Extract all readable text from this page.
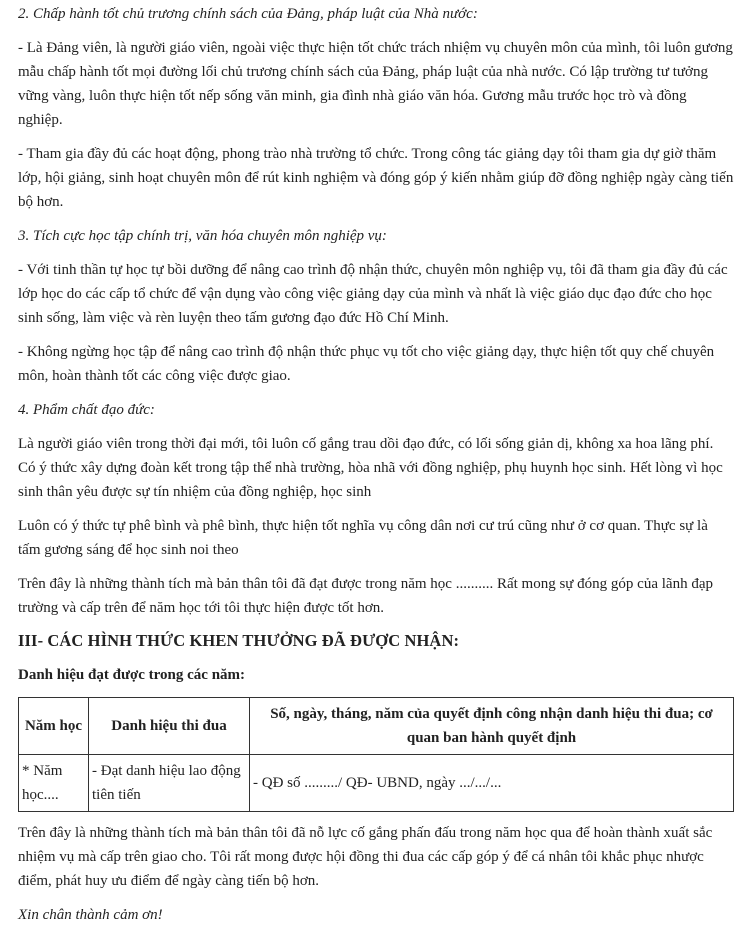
2. Chấp hành tốt chủ trương chính sách của Đảng, pháp luật của Nhà nước:

- Là Đảng viên, là người giáo viên, ngoài việc thực hiện tốt chức trách nhiệm vụ chuyên môn của mình, tôi luôn gương mẫu chấp hành tốt mọi đường lối chủ trương chính sách của Đảng, pháp luật của nhà nước. Có lập trường tư tưởng vững vàng, luôn thực hiện tốt nếp sống văn minh, gia đình nhà giáo văn hóa. Gương mẫu trước học trò và đồng nghiệp.

- Tham gia đầy đủ các hoạt động, phong trào nhà trường tổ chức. Trong công tác giảng dạy tôi tham gia dự giờ thăm lớp, hội giảng, sinh hoạt chuyên môn để rút kinh nghiệm và đóng góp ý kiến nhằm giúp đỡ đồng nghiệp ngày càng tiến bộ hơn.

3. Tích cực học tập chính trị, văn hóa chuyên môn nghiệp vụ:

- Với tinh thần tự học tự bồi dưỡng để nâng cao trình độ nhận thức, chuyên môn nghiệp vụ, tôi đã tham gia đầy đủ các lớp học do các cấp tổ chức để vận dụng vào công việc giảng dạy của mình và nhất là việc giáo dục đạo đức cho học sinh sống, làm việc và rèn luyện theo tấm gương đạo đức Hồ Chí Minh.

- Không ngừng học tập để nâng cao trình độ nhận thức phục vụ tốt cho việc giảng dạy, thực hiện tốt quy chế chuyên môn, hoàn thành tốt các công việc được giao.

4. Phẩm chất đạo đức:

Là người giáo viên trong thời đại mới, tôi luôn cố gắng trau dồi đạo đức, có lối sống giản dị, không xa hoa lãng phí. Có ý thức xây dựng đoàn kết trong tập thể nhà trường, hòa nhã với đồng nghiệp, phụ huynh học sinh. Hết lòng vì học sinh thân yêu được sự tín nhiệm của đồng nghiệp, học sinh

Luôn có ý thức tự phê bình và phê bình, thực hiện tốt nghĩa vụ công dân nơi cư trú cũng như ở cơ quan. Thực sự là tấm gương sáng để học sinh noi theo

Trên đây là những thành tích mà bản thân tôi đã đạt được trong năm học .......... Rất mong sự đóng góp của lãnh đạp trường và cấp trên để năm học tới tôi thực hiện được tốt hơn.

III- CÁC HÌNH THỨC KHEN THƯỞNG ĐÃ ĐƯỢC NHẬN:
Danh hiệu đạt được trong các năm:
Năm học	Danh hiệu thi đua	Số, ngày, tháng, năm của quyết định công nhận danh hiệu thi đua; cơ quan ban hành quyết định
* Năm học....	- Đạt danh hiệu lao động tiên tiến	- QĐ số ........./ QĐ- UBND, ngày .../.../...

Trên đây là những thành tích mà bản thân tôi đã nỗ lực cố gắng phấn đấu trong năm học qua để hoàn thành xuất sắc nhiệm vụ mà cấp trên giao cho. Tôi rất mong được hội đồng thi đua các cấp góp ý để cá nhân tôi khắc phục nhược điểm, phát huy ưu điểm để ngày càng tiến bộ hơn.

Xin chân thành cảm ơn!
